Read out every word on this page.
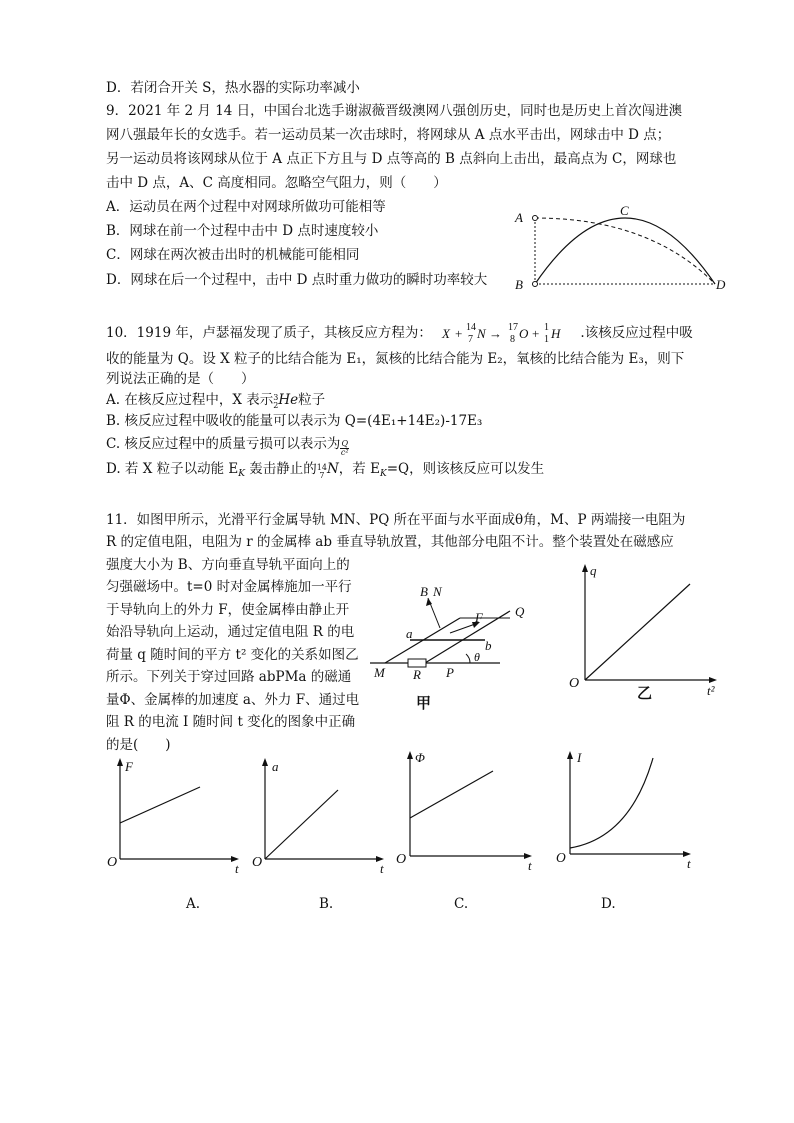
D．若闭合开关 S，热水器的实际功率减小
9．2021 年 2 月 14 日，中国台北选手谢淑薇晋级澳网八强创历史，同时也是历史上首次闯进澳
网八强最年长的女选手。若一运动员某一次击球时，将网球从 A 点水平击出，网球击中 D 点；
另一运动员将该网球从位于 A 点正下方且与 D 点等高的 B 点斜向上击出，最高点为 C，网球也
击中 D 点，A、C 高度相同。忽略空气阻力，则（　　）
A．运动员在两个过程中对网球所做功可能相等
B．网球在前一个过程中击中 D 点时速度较小
C．网球在两次被击出时的机械能可能相同
D．网球在后一个过程中，击中 D 点时重力做功的瞬时功率较大
A
B
C
D
10．1919 年，卢瑟福发现了质子，其核反应方程为： X + 14
7 N → 17
8 O + 1
1 H .该核反应过程中吸
收的能量为 Q。设 X 粒子的比结合能为 E₁，氮核的比结合能为 E₂，氧核的比结合能为 E₃，则下
列说法正确的是（　　）
A. 在核反应过程中，X 表示 3
2 He粒子
B. 核反应过程中吸收的能量可以表示为 Q=(4E₁+14E₂)-17E₃
C. 核反应过程中的质量亏损可以表示为 $\frac{Q}{\text{c²}}$
D. 若 X 粒子以动能 $E_K$ 轰击静止的 14
7 N，若 $E_K=Q$，则该核反应可以发生
11．如图甲所示，光滑平行金属导轨 MN、PQ 所在平面与水平面成θ角，M、P 两端接一电阻为
R 的定值电阻，电阻为 r 的金属棒 ab 垂直导轨放置，其他部分电阻不计。整个装置处在磁感应
强度大小为 B、方向垂直导轨平面向上的
匀强磁场中。t=0 时对金属棒施加一平行
于导轨向上的外力 F，使金属棒由静止开
始沿导轨向上运动，通过定值电阻 R 的电
荷量 q 随时间的平方 t² 变化的关系如图乙
所示。下列关于穿过回路 abPMa 的磁通
量Φ、金属棒的加速度 a、外力 F、通过电
阻 R 的电流 I 随时间 t 变化的图象中正确
的是(　　)
B N
F Q
a
b
θ
M R P
甲
q
O	t²
乙
F
O	t
a
O	t
Φ
O	t
I
t
O
A.	B.	C.	D.
